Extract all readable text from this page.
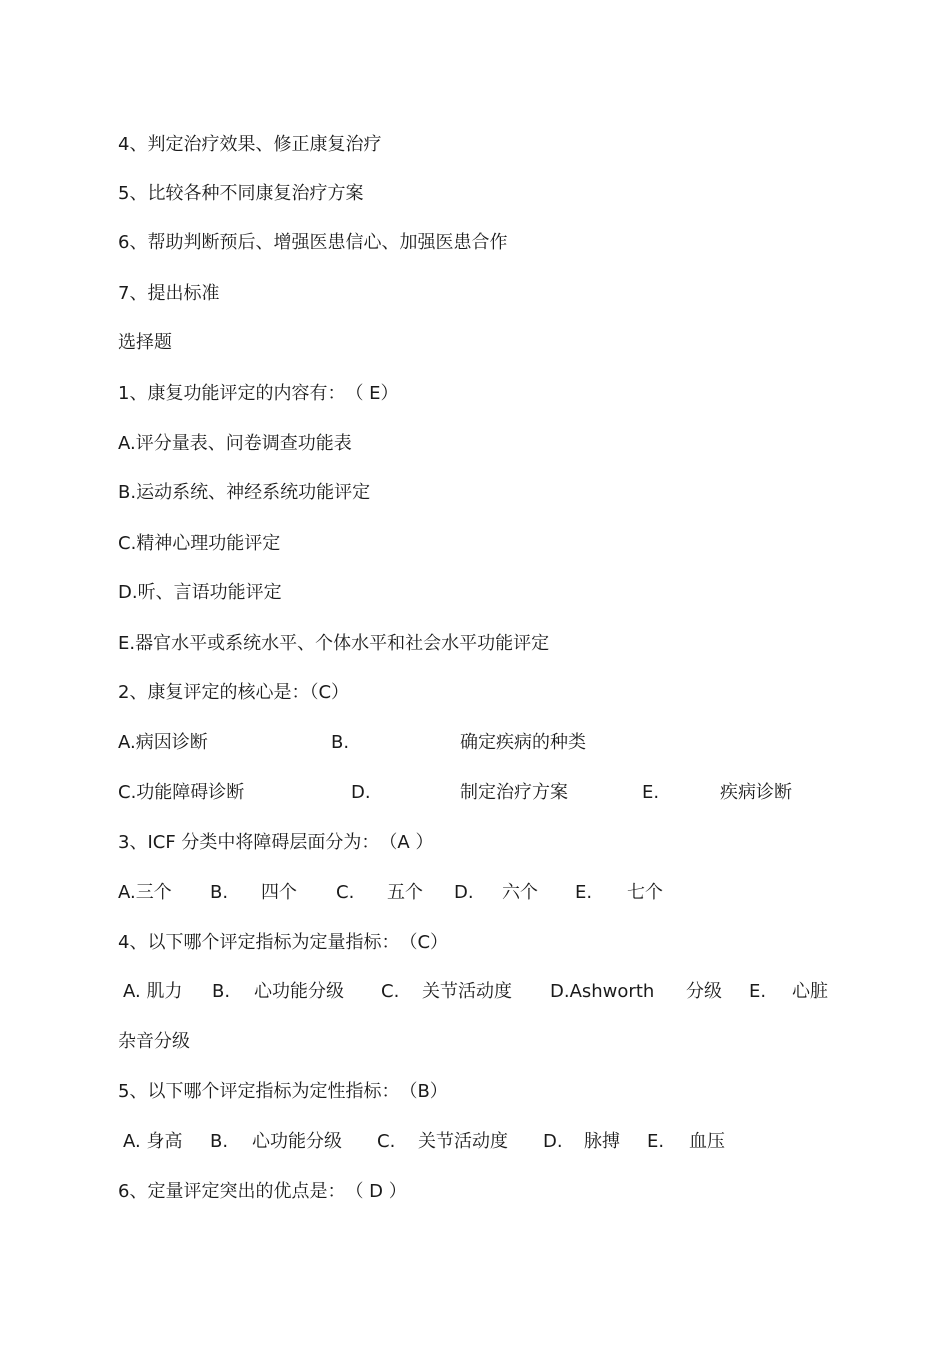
4、判定治疗效果、修正康复治疗
5、比较各种不同康复治疗方案
6、帮助判断预后、增强医患信心、加强医患合作
7、提出标准
选择题
1、康复功能评定的内容有：　（ E）
A.评分量表、问卷调查功能表
B.运动系统、神经系统功能评定
C.精神心理功能评定
D.听、言语功能评定
E.器官水平或系统水平、个体水平和社会水平功能评定
2、康复评定的核心是：（C）
A.病因诊断	B.	确定疾病的种类
C.功能障碍诊断	D.	制定治疗方案	E.	疾病诊断
3、ICF 分类中将障碍层面分为：　（A ）
A.三个 B. 四个 C. 五个 D. 六个 E. 七个
4、以下哪个评定指标为定量指标：　（C）
A. 肌力 B. 心功能分级 C. 关节活动度 D.Ashworth 分级 E. 心脏
杂音分级
5、以下哪个评定指标为定性指标：　（B）
A. 身高 B. 心功能分级 C. 关节活动度 D. 脉搏 E. 血压
6、定量评定突出的优点是：　（ D ）
